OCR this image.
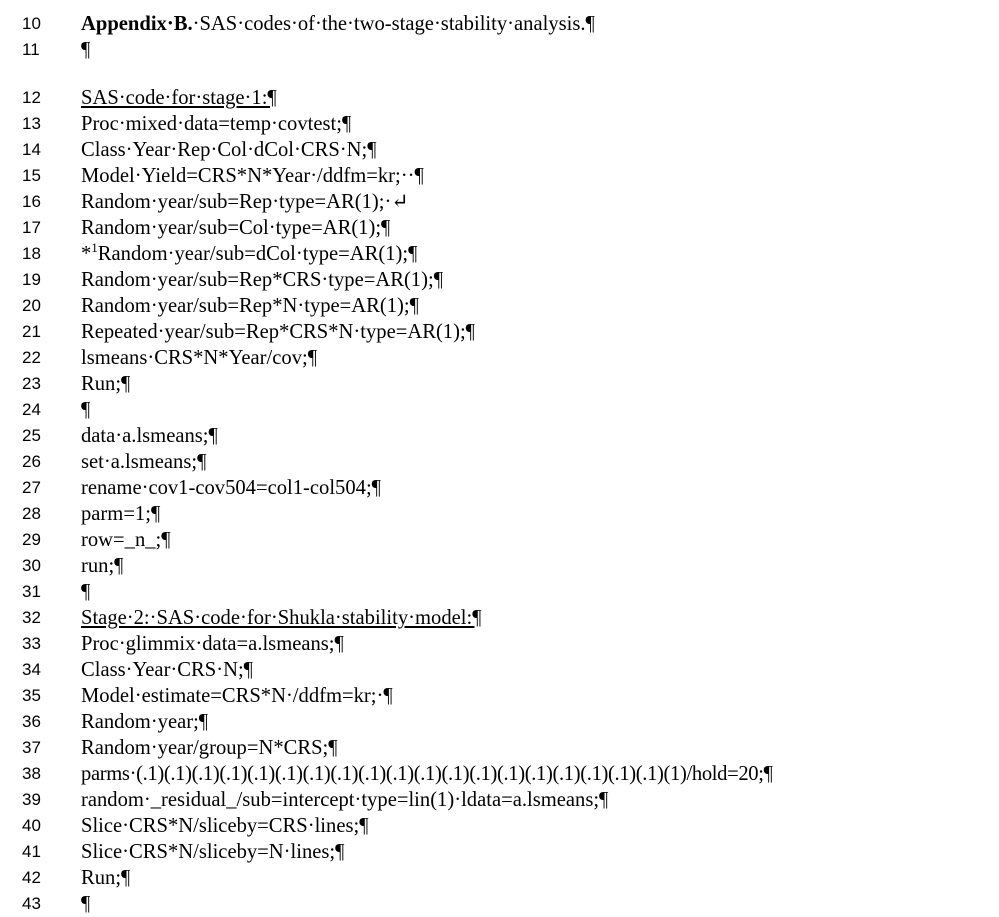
10	Appendix·B.·SAS·codes·of·the·two-stage·stability·analysis.¶
11	¶
12	SAS·code·for·stage·1:¶
13	Proc·mixed·data=temp·covtest;¶
14	Class·Year·Rep·Col·dCol·CRS·N;¶
15	Model·Yield=CRS*N*Year·/ddfm=kr;··¶
16	Random·year/sub=Rep·type=AR(1);·↵
17	Random·year/sub=Col·type=AR(1);¶
18	*$^1$Random·year/sub=dCol·type=AR(1);¶
19	Random·year/sub=Rep*CRS·type=AR(1);¶
20	Random·year/sub=Rep*N·type=AR(1);¶
21	Repeated·year/sub=Rep*CRS*N·type=AR(1);¶
22	lsmeans·CRS*N*Year/cov;¶
23	Run;¶
24	¶
25	data·a.lsmeans;¶
26	set·a.lsmeans;¶
27	rename·cov1-cov504=col1-col504;¶
28	parm=1;¶
29	row=_n_;¶
30	run;¶
31	¶
32	Stage·2:·SAS·code·for·Shukla·stability·model:¶
33	Proc·glimmix·data=a.lsmeans;¶
34	Class·Year·CRS·N;¶
35	Model·estimate=CRS*N·/ddfm=kr;·¶
36	Random·year;¶
37	Random·year/group=N*CRS;¶
38	parms·(.1)(.1)(.1)(.1)(.1)(.1)(.1)(.1)(.1)(.1)(.1)(.1)(.1)(.1)(.1)(.1)(.1)(.1)(.1)(1)/hold=20;¶
39	random·_residual_/sub=intercept·type=lin(1)·ldata=a.lsmeans;¶
40	Slice·CRS*N/sliceby=CRS·lines;¶
41	Slice·CRS*N/sliceby=N·lines;¶
42	Run;¶
43	¶
